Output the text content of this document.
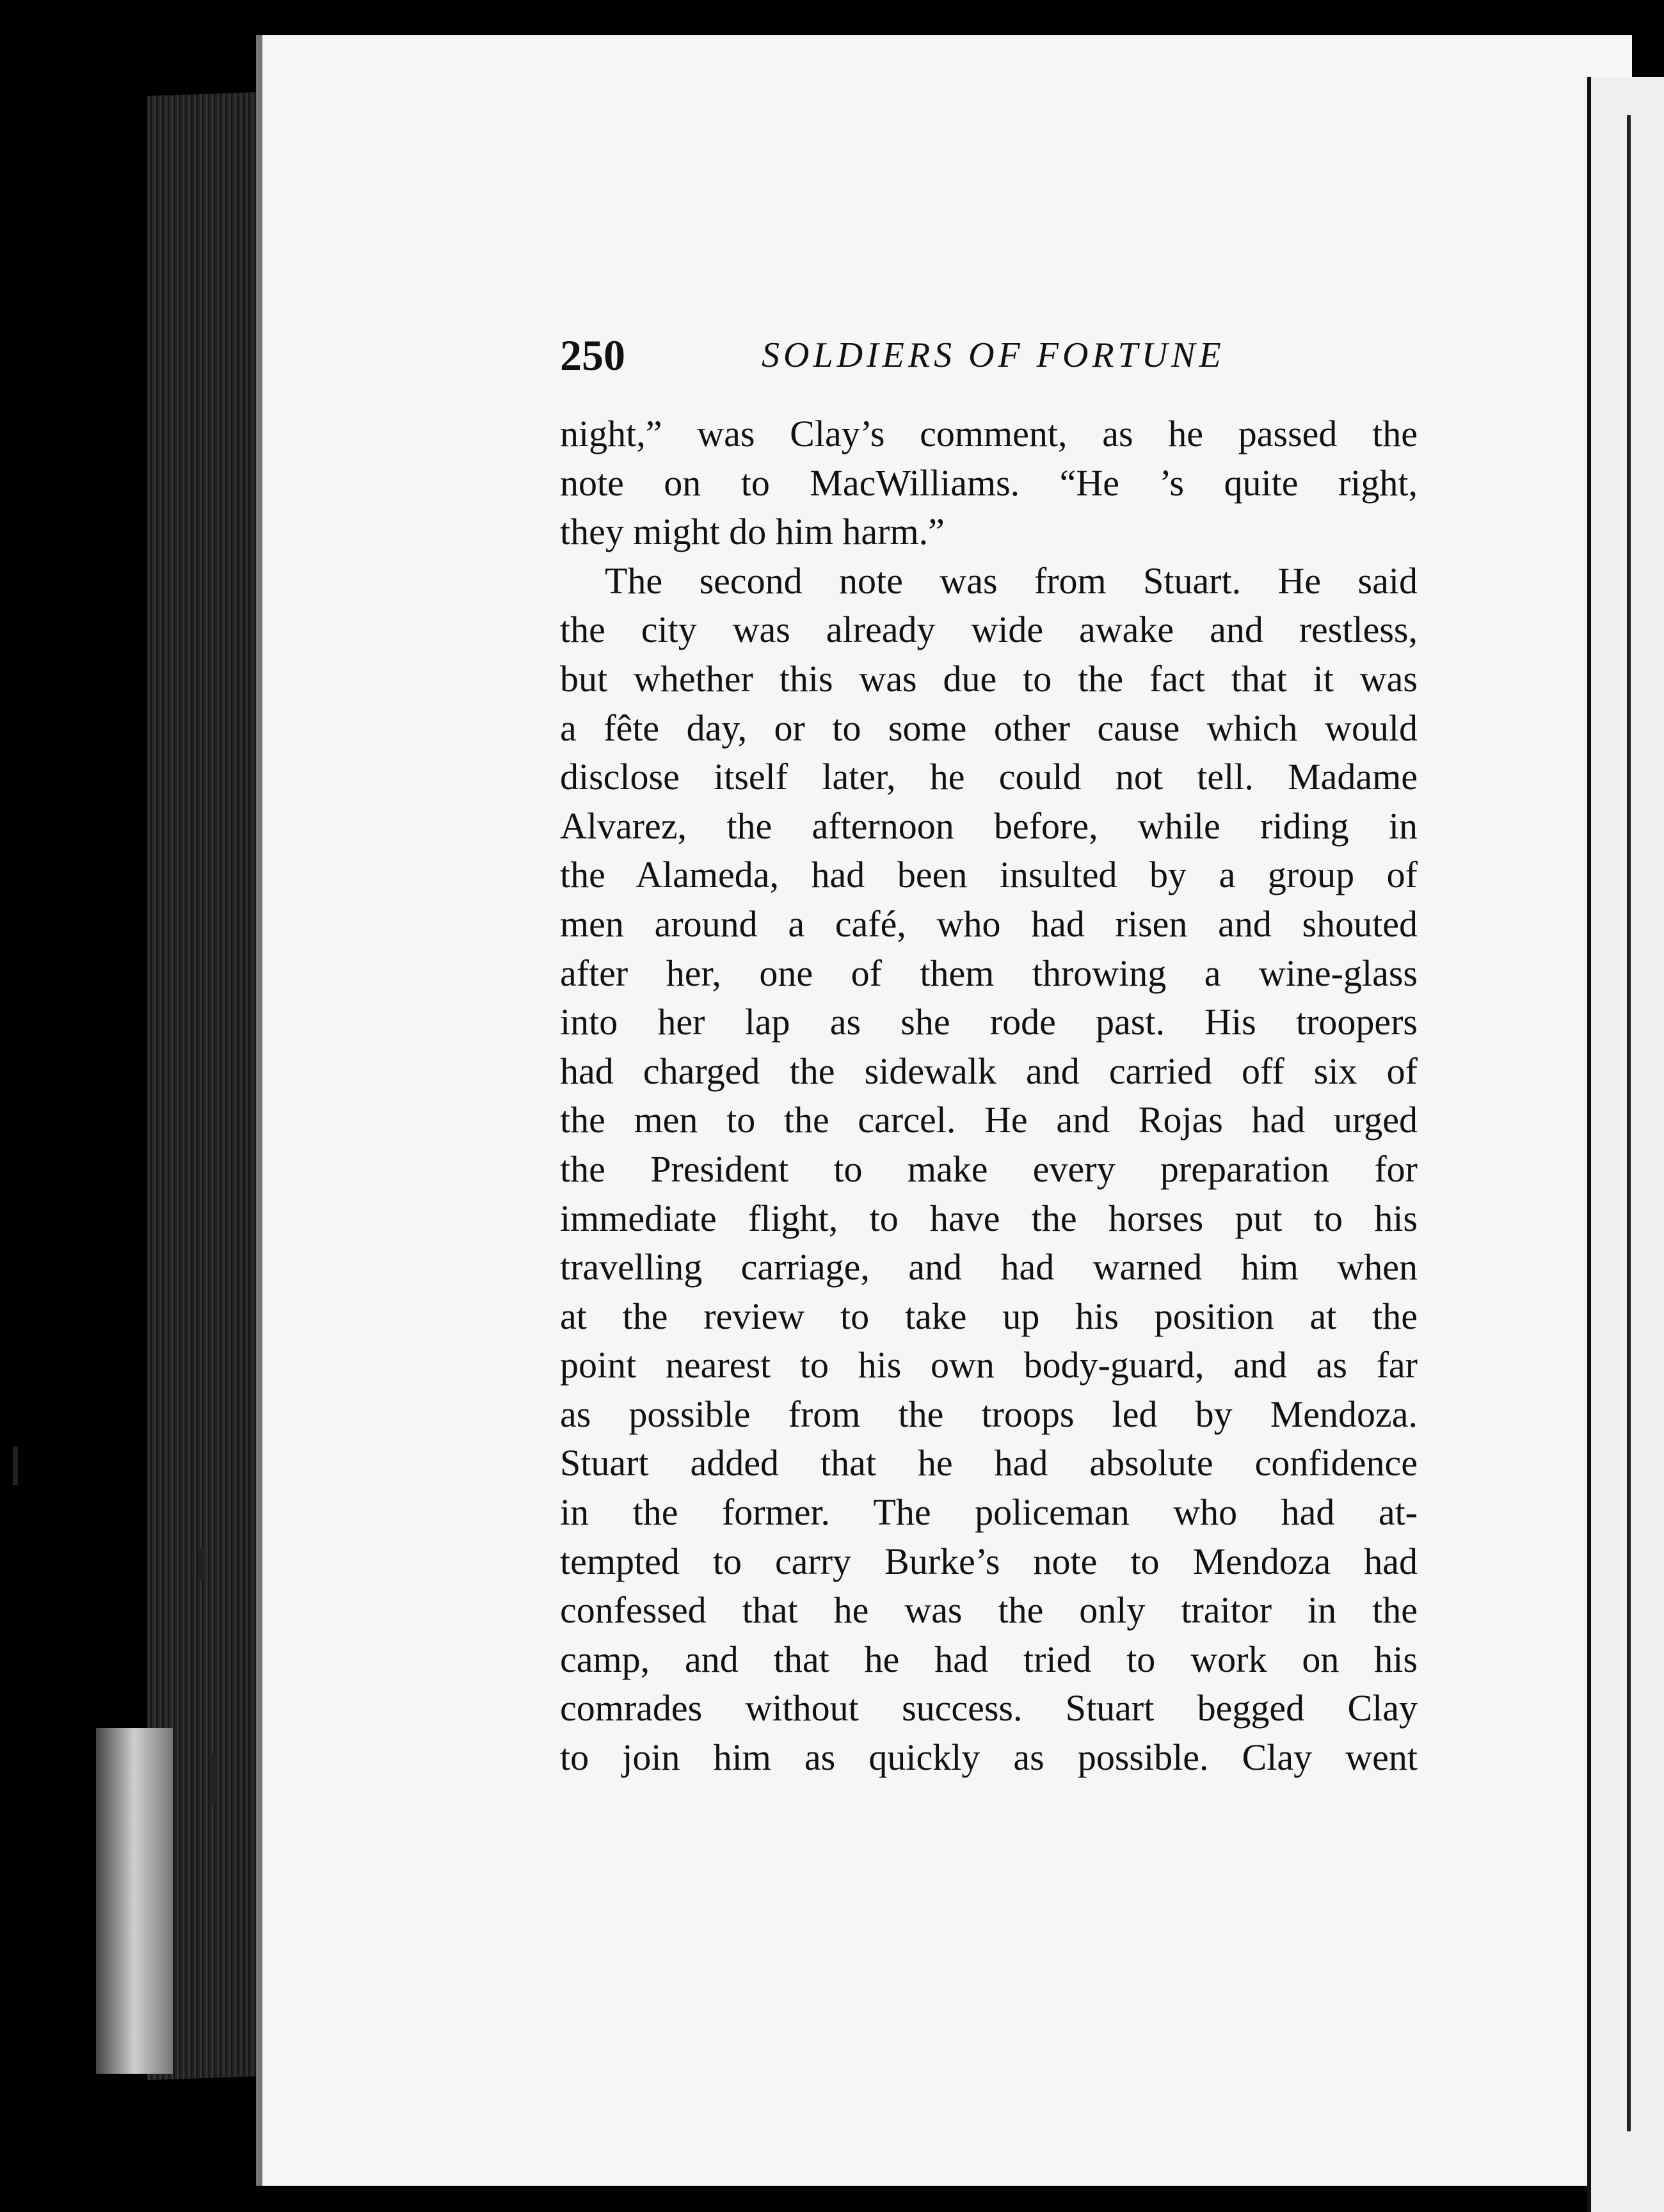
250	SOLDIERS OF FORTUNE
night,” was Clay’s comment, as he passed the
note on to MacWilliams. “He ’s quite right,
they might do him harm.”
The second note was from Stuart. He said
the city was already wide awake and restless,
but whether this was due to the fact that it was
a fête day, or to some other cause which would
disclose itself later, he could not tell. Madame
Alvarez, the afternoon before, while riding in
the Alameda, had been insulted by a group of
men around a café, who had risen and shouted
after her, one of them throwing a wine-glass
into her lap as she rode past. His troopers
had charged the sidewalk and carried off six of
the men to the carcel. He and Rojas had urged
the President to make every preparation for
immediate flight, to have the horses put to his
travelling carriage, and had warned him when
at the review to take up his position at the
point nearest to his own body-guard, and as far
as possible from the troops led by Mendoza.
Stuart added that he had absolute confidence
in the former. The policeman who had at-
tempted to carry Burke’s note to Mendoza had
confessed that he was the only traitor in the
camp, and that he had tried to work on his
comrades without success. Stuart begged Clay
to join him as quickly as possible. Clay went
